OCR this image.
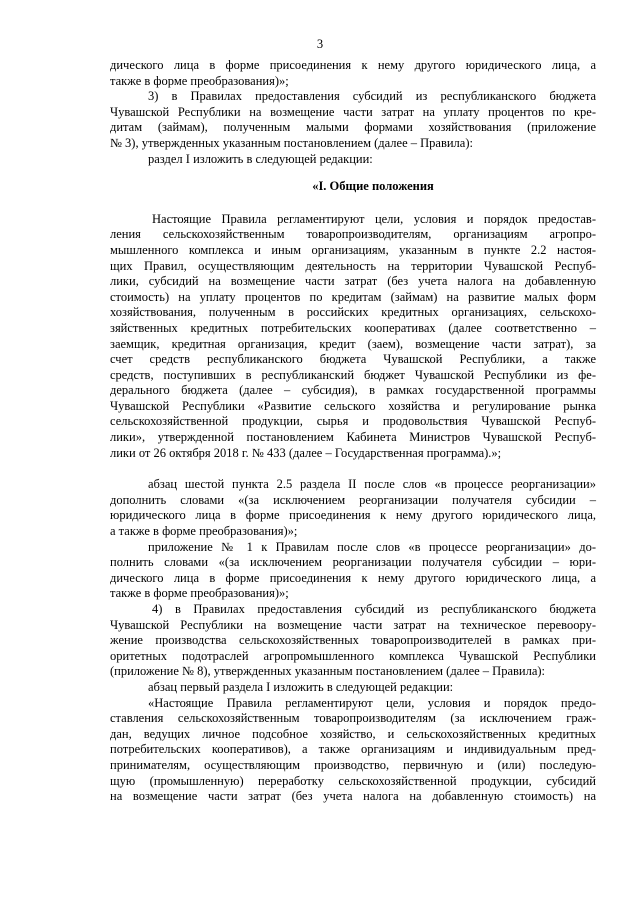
3
дического лица в форме присоединения к нему другого юридического лица, а
также в форме преобразования)»;
3) в Правилах предоставления субсидий из республиканского бюджета
Чувашской Республики на возмещение части затрат на уплату процентов по кре-
дитам (займам), полученным малыми формами хозяйствования (приложение
№ 3), утвержденных указанным постановлением (далее – Правила):
раздел I изложить в следующей редакции:
«I. Общие положения
Настоящие Правила регламентируют цели, условия и порядок предостав-
ления сельскохозяйственным товаропроизводителям, организациям агропро-
мышленного комплекса и иным организациям, указанным в пункте 2.2 настоя-
щих Правил, осуществляющим деятельность на территории Чувашской Респуб-
лики, субсидий на возмещение части затрат (без учета налога на добавленную
стоимость) на уплату процентов по кредитам (займам) на развитие малых форм
хозяйствования, полученным в российских кредитных организациях, сельскохо-
зяйственных кредитных потребительских кооперативах (далее соответственно –
заемщик, кредитная организация, кредит (заем), возмещение части затрат), за
счет средств республиканского бюджета Чувашской Республики, а также
средств, поступивших в республиканский бюджет Чувашской Республики из фе-
дерального бюджета (далее – субсидия), в рамках государственной программы
Чувашской Республики «Развитие сельского хозяйства и регулирование рынка
сельскохозяйственной продукции, сырья и продовольствия Чувашской Респуб-
лики», утвержденной постановлением Кабинета Министров Чувашской Респуб-
лики от 26 октября 2018 г. № 433 (далее – Государственная программа).»;
абзац шестой пункта 2.5 раздела II после слов «в процессе реорганизации»
дополнить словами «(за исключением реорганизации получателя субсидии –
юридического лица в форме присоединения к нему другого юридического лица,
а также в форме преобразования)»;
приложение № 1 к Правилам после слов «в процессе реорганизации» до-
полнить словами «(за исключением реорганизации получателя субсидии – юри-
дического лица в форме присоединения к нему другого юридического лица, а
также в форме преобразования)»;
4) в Правилах предоставления субсидий из республиканского бюджета
Чувашской Республики на возмещение части затрат на техническое перевоору-
жение производства сельскохозяйственных товаропроизводителей в рамках при-
оритетных подотраслей агропромышленного комплекса Чувашской Республики
(приложение № 8), утвержденных указанным постановлением (далее – Правила):
абзац первый раздела I изложить в следующей редакции:
«Настоящие Правила регламентируют цели, условия и порядок предо-
ставления сельскохозяйственным товаропроизводителям (за исключением граж-
дан, ведущих личное подсобное хозяйство, и сельскохозяйственных кредитных
потребительских кооперативов), а также организациям и индивидуальным пред-
принимателям, осуществляющим производство, первичную и (или) последую-
щую (промышленную) переработку сельскохозяйственной продукции, субсидий
на возмещение части затрат (без учета налога на добавленную стоимость) на
